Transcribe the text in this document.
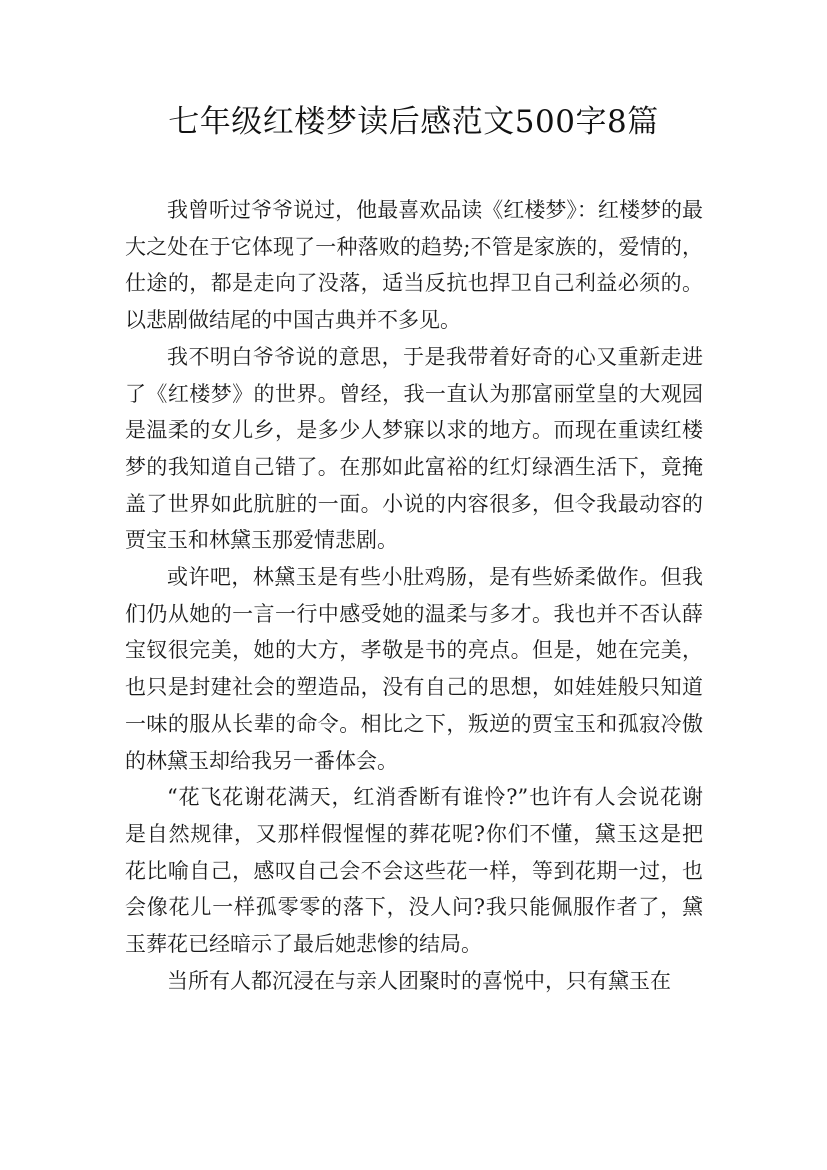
七年级红楼梦读后感范文500字8篇

我曾听过爷爷说过，他最喜欢品读《红楼梦》：红楼梦的最大之处在于它体现了一种落败的趋势;不管是家族的，爱情的，仕途的，都是走向了没落，适当反抗也捍卫自己利益必须的。以悲剧做结尾的中国古典并不多见。

我不明白爷爷说的意思，于是我带着好奇的心又重新走进了《红楼梦》的世界。曾经，我一直认为那富丽堂皇的大观园是温柔的女儿乡，是多少人梦寐以求的地方。而现在重读红楼梦的我知道自己错了。在那如此富裕的红灯绿酒生活下，竟掩盖了世界如此肮脏的一面。小说的内容很多，但令我最动容的贾宝玉和林黛玉那爱情悲剧。

或许吧，林黛玉是有些小肚鸡肠，是有些娇柔做作。但我们仍从她的一言一行中感受她的温柔与多才。我也并不否认薛宝钗很完美，她的大方，孝敬是书的亮点。但是，她在完美，也只是封建社会的塑造品，没有自己的思想，如娃娃般只知道一味的服从长辈的命令。相比之下，叛逆的贾宝玉和孤寂冷傲的林黛玉却给我另一番体会。

“花飞花谢花满天，红消香断有谁怜?”也许有人会说花谢是自然规律，又那样假惺惺的葬花呢?你们不懂，黛玉这是把花比喻自己，感叹自己会不会这些花一样，等到花期一过，也会像花儿一样孤零零的落下，没人问?我只能佩服作者了，黛玉葬花已经暗示了最后她悲惨的结局。

当所有人都沉浸在与亲人团聚时的喜悦中，只有黛玉在
